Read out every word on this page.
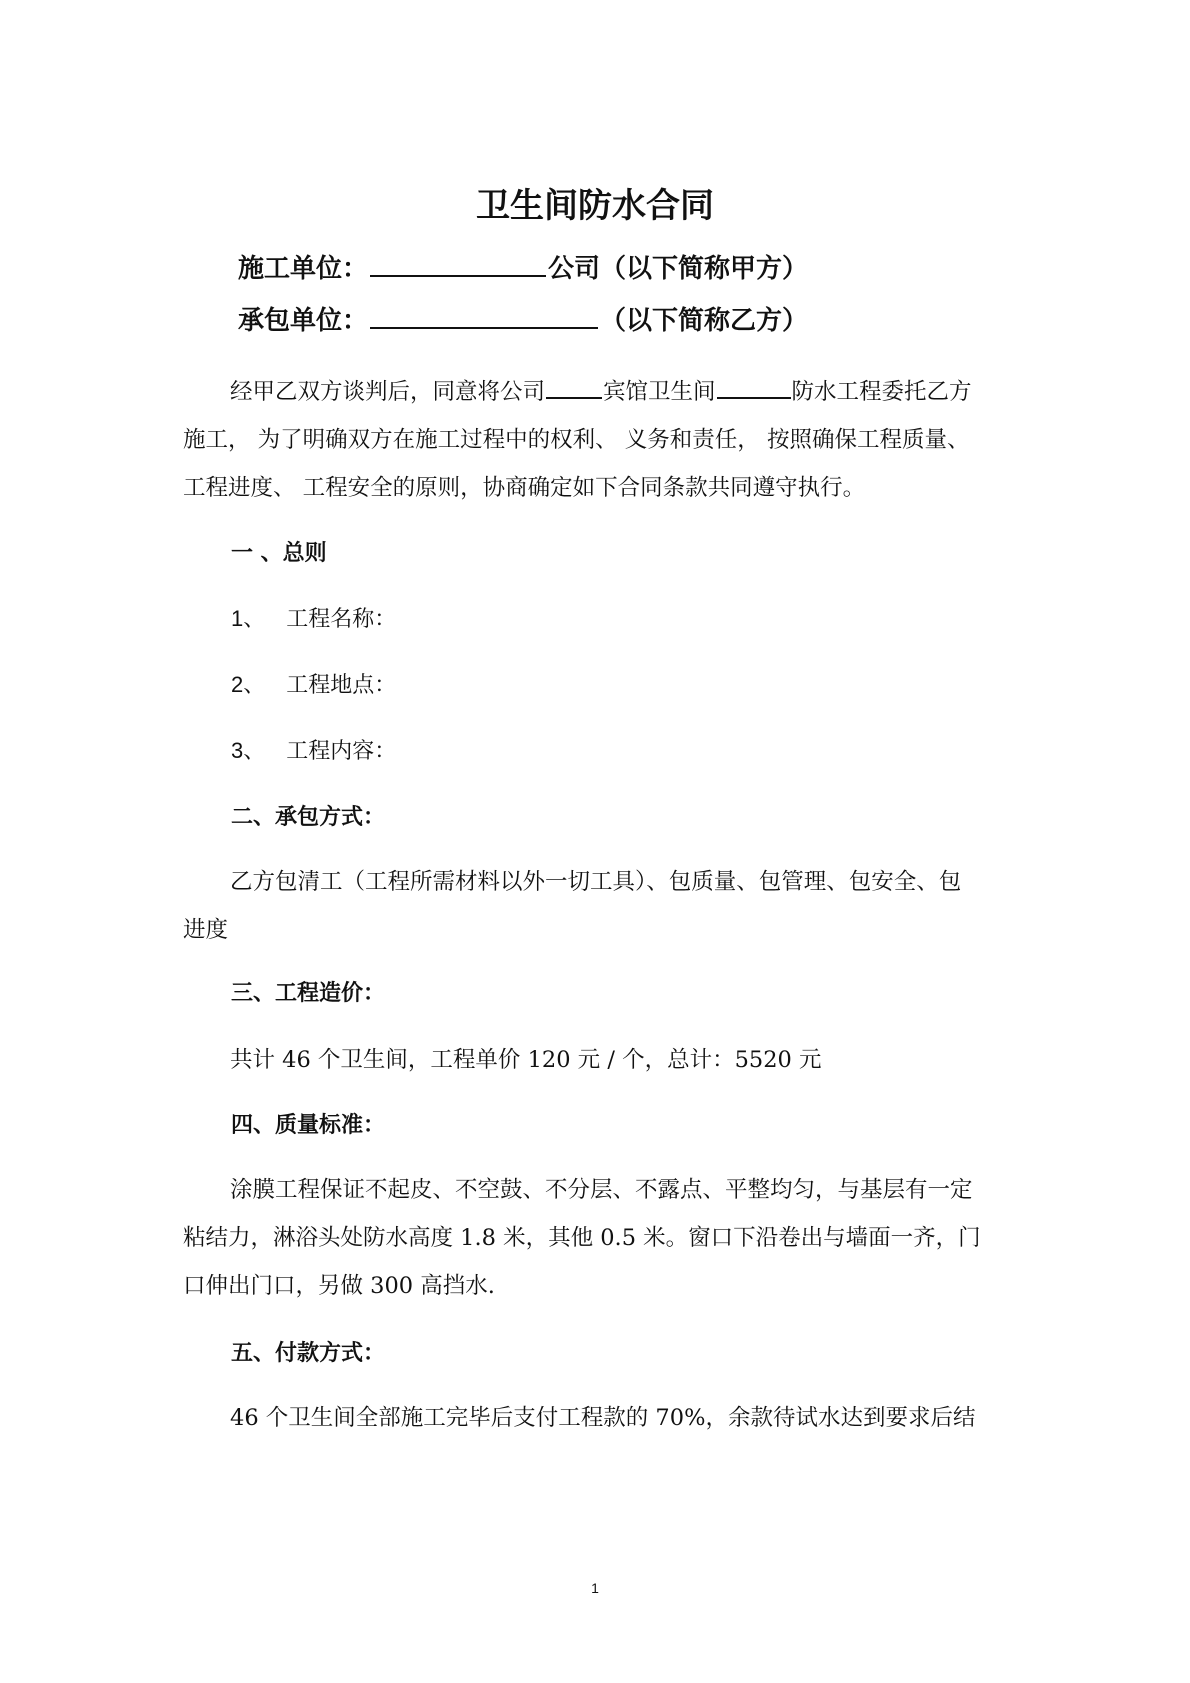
卫生间防水合同
施工单位：	公司（以下简称甲方）
承包单位：	（以下简称乙方）
经甲乙双方谈判后，同意将公司	宾馆卫生间	防水工程委托乙方
施工， 为了明确双方在施工过程中的权利、 义务和责任， 按照确保工程质量、
工程进度、 工程安全的原则，协商确定如下合同条款共同遵守执行。
一 、总则
1、 工程名称：
2、 工程地点：
3、 工程内容：
二、承包方式：
乙方包清工（工程所需材料以外一切工具）、包质量、包管理、包安全、包
进度
三、工程造价：
共计 46 个卫生间，工程单价 120 元 / 个，总计：5520 元
四、质量标准：
涂膜工程保证不起皮、不空鼓、不分层、不露点、平整均匀，与基层有一定
粘结力，淋浴头处防水高度 1.8 米，其他 0.5 米。窗口下沿卷出与墙面一齐，门
口伸出门口，另做 300 高挡水.
五、付款方式：
46 个卫生间全部施工完毕后支付工程款的 70%，余款待试水达到要求后结
1
